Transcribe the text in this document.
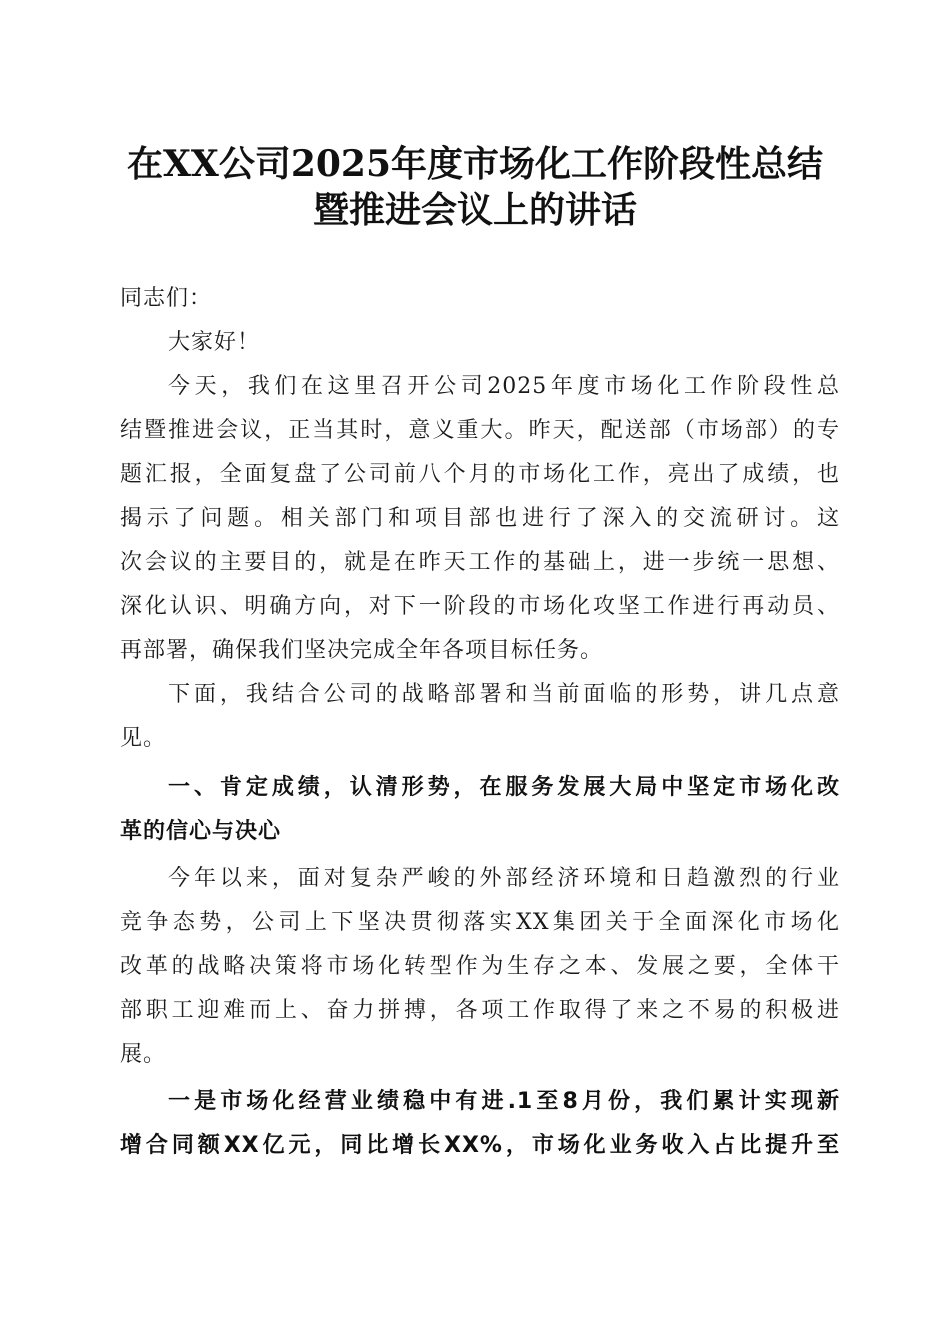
在XX公司2025年度市场化工作阶段性总结
暨推进会议上的讲话
同志们：
大家好！
今天，我们在这里召开公司2025年度市场化工作阶段性总
结暨推进会议，正当其时，意义重大。昨天，配送部（市场部）的专
题汇报，全面复盘了公司前八个月的市场化工作，亮出了成绩，也
揭示了问题。相关部门和项目部也进行了深入的交流研讨。这
次会议的主要目的，就是在昨天工作的基础上，进一步统一思想、
深化认识、明确方向，对下一阶段的市场化攻坚工作进行再动员、
再部署，确保我们坚决完成全年各项目标任务。
下面，我结合公司的战略部署和当前面临的形势，讲几点意
见。
一、肯定成绩，认清形势，在服务发展大局中坚定市场化改
革的信心与决心
今年以来，面对复杂严峻的外部经济环境和日趋激烈的行业
竞争态势，公司上下坚决贯彻落实XX集团关于全面深化市场化
改革的战略决策将市场化转型作为生存之本、发展之要，全体干
部职工迎难而上、奋力拼搏，各项工作取得了来之不易的积极进
展。
一是市场化经营业绩稳中有进.1至8月份，我们累计实现新
增合同额XX亿元，同比增长XX%，市场化业务收入占比提升至
